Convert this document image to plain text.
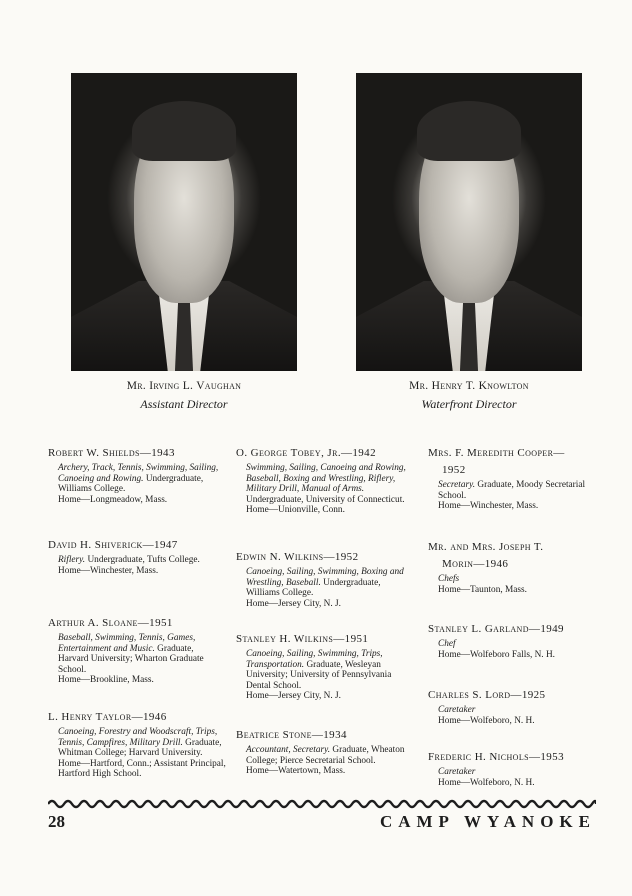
Mr. Irving L. Vaughan
Assistant Director
Mr. Henry T. Knowlton
Waterfront Director
Robert W. Shields—1943
Archery, Track, Tennis, Swimming, Sailing, Canoeing and Rowing. Undergraduate, Williams College.
Home—Longmeadow, Mass.
David H. Shiverick—1947
Riflery. Undergraduate, Tufts College.
Home—Winchester, Mass.
Arthur A. Sloane—1951
Baseball, Swimming, Tennis, Games, Entertainment and Music. Graduate, Harvard University; Wharton Graduate School.
Home—Brookline, Mass.
L. Henry Taylor—1946
Canoeing, Forestry and Woodscraft, Trips, Tennis, Campfires, Military Drill. Graduate, Whitman College; Harvard University.
Home—Hartford, Conn.; Assistant Principal, Hartford High School.
O. George Tobey, Jr.—1942
Swimming, Sailing, Canoeing and Rowing, Baseball, Boxing and Wrestling, Riflery, Military Drill, Manual of Arms. Undergraduate, University of Connecticut.
Home—Unionville, Conn.
Edwin N. Wilkins—1952
Canoeing, Sailing, Swimming, Boxing and Wrestling, Baseball. Undergraduate, Williams College.
Home—Jersey City, N. J.
Stanley H. Wilkins—1951
Canoeing, Sailing, Swimming, Trips, Transportation. Graduate, Wesleyan University; University of Pennsylvania Dental School.
Home—Jersey City, N. J.
Beatrice Stone—1934
Accountant, Secretary. Graduate, Wheaton College; Pierce Secretarial School.
Home—Watertown, Mass.
Mrs. F. Meredith Cooper—
1952
Secretary. Graduate, Moody Secretarial School.
Home—Winchester, Mass.
Mr. and Mrs. Joseph T.
Morin—1946
Chefs
Home—Taunton, Mass.
Stanley L. Garland—1949
Chef
Home—Wolfeboro Falls, N. H.
Charles S. Lord—1925
Caretaker
Home—Wolfeboro, N. H.
Frederic H. Nichols—1953
Caretaker
Home—Wolfeboro, N. H.
28	CAMP WYANOKE
